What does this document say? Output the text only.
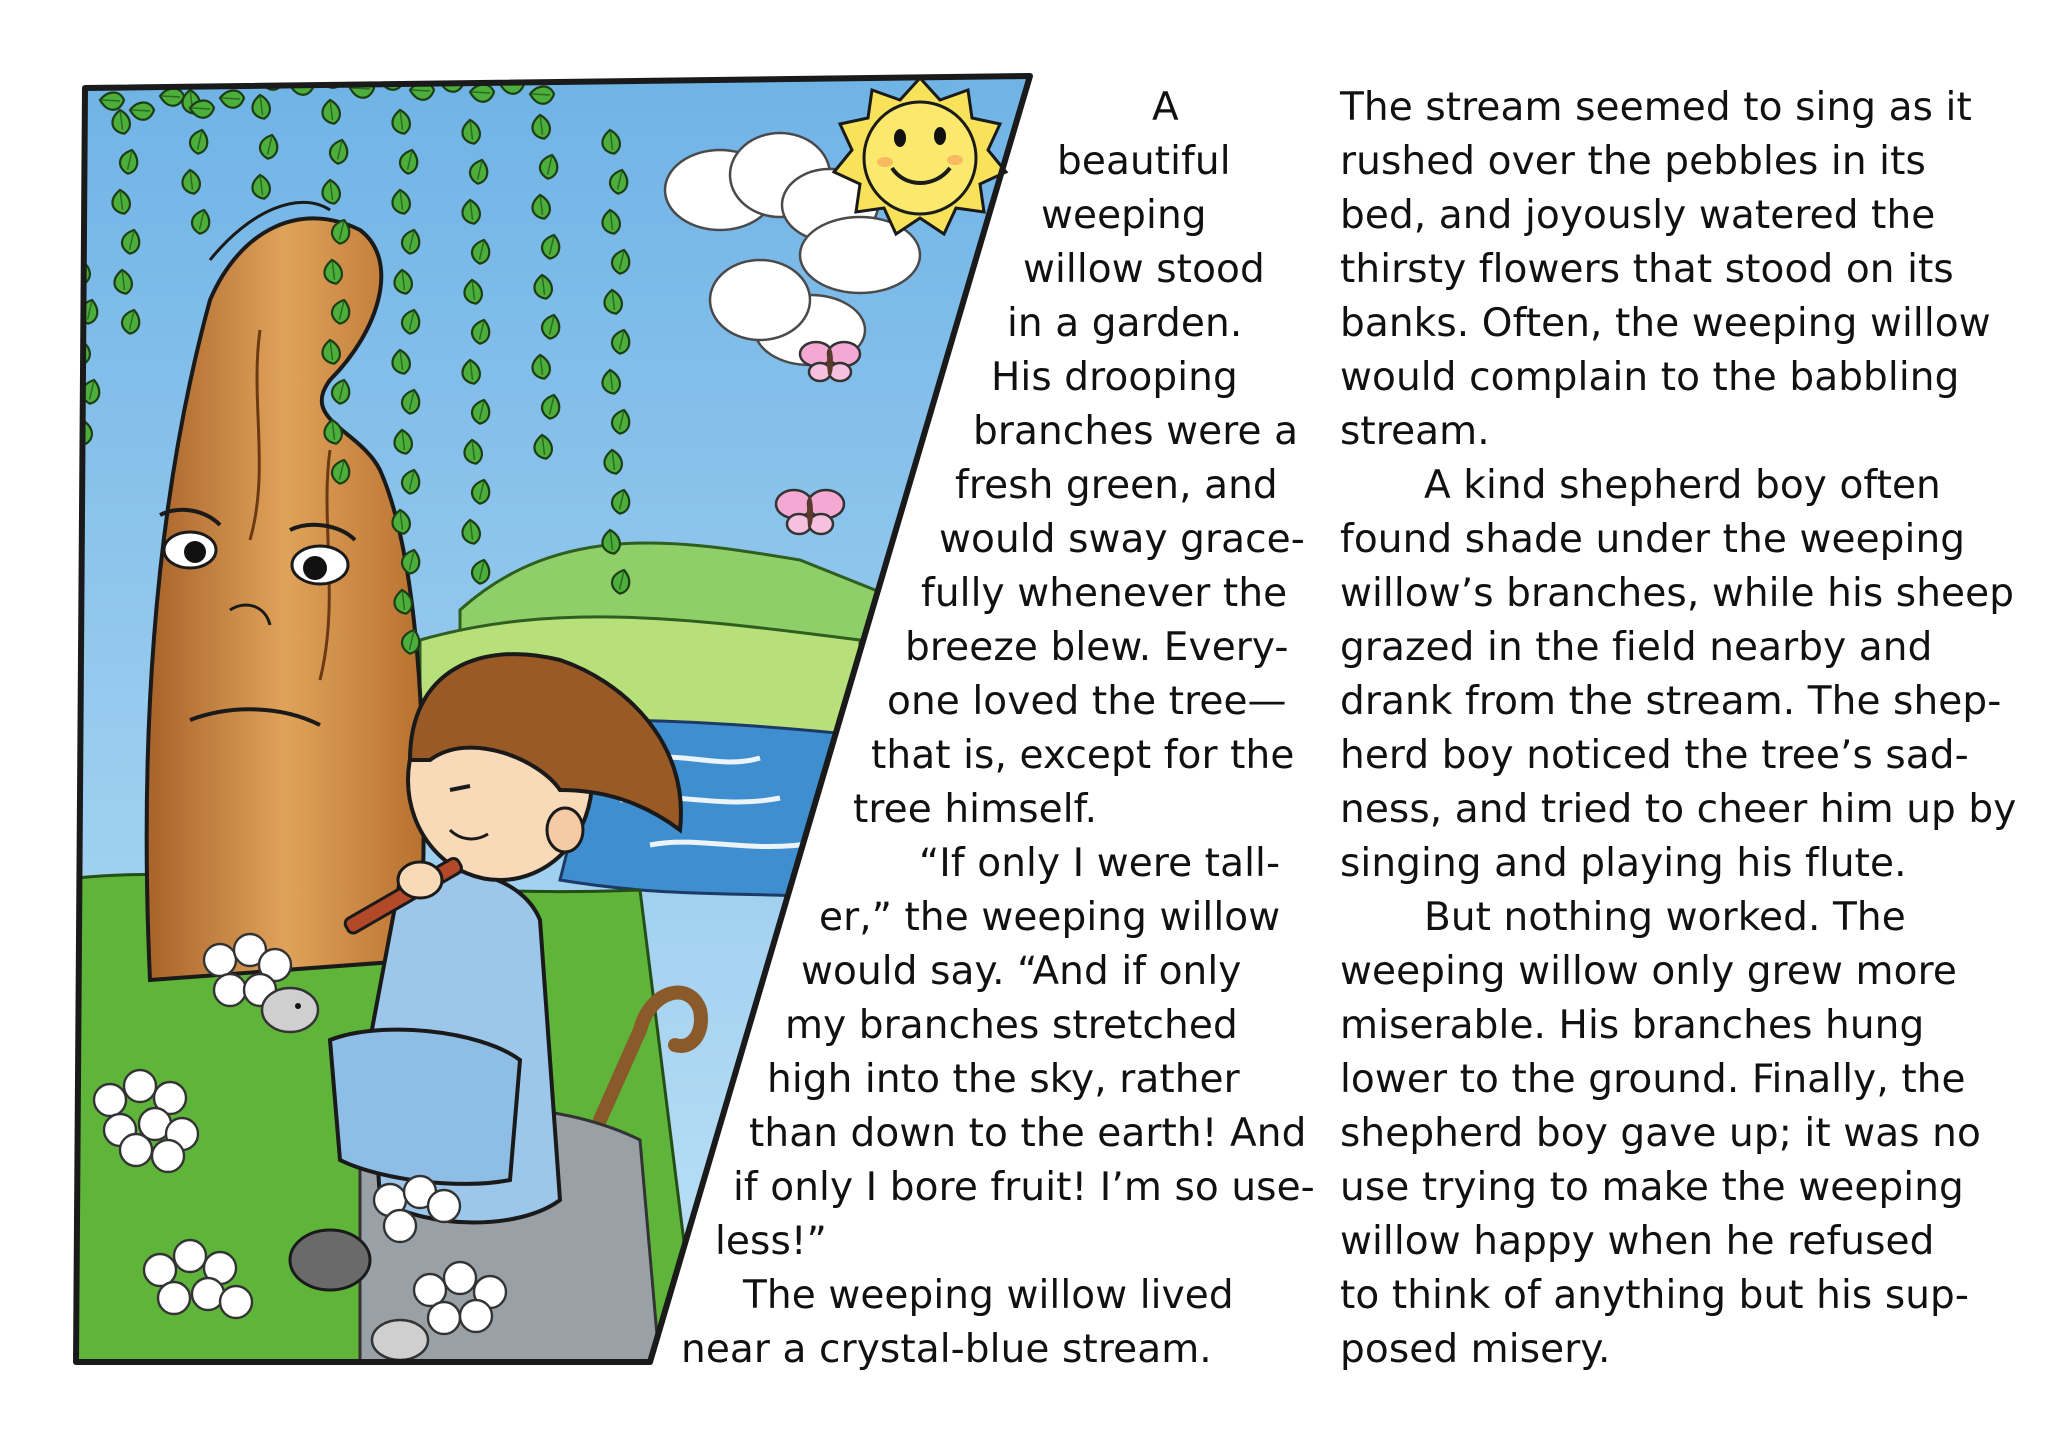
A
beautiful
weeping
willow stood
in a garden.
His drooping
branches were a
fresh green, and
would sway grace-
fully whenever the
breeze blew. Every-
one loved the tree—
that is, except for the
tree himself.
“If only I were tall-
er,” the weeping willow
would say. “And if only
my branches stretched
high into the sky, rather
than down to the earth! And
if only I bore fruit! I’m so use-
less!”
The weeping willow lived
near a crystal-blue stream.
The stream seemed to sing as it
rushed over the pebbles in its
bed, and joyously watered the
thirsty flowers that stood on its
banks. Often, the weeping willow
would complain to the babbling
stream.
A kind shepherd boy often
found shade under the weeping
willow’s branches, while his sheep
grazed in the field nearby and
drank from the stream. The shep-
herd boy noticed the tree’s sad-
ness, and tried to cheer him up by
singing and playing his flute.
But nothing worked. The
weeping willow only grew more
miserable. His branches hung
lower to the ground. Finally, the
shepherd boy gave up; it was no
use trying to make the weeping
willow happy when he refused
to think of anything but his sup-
posed misery.
